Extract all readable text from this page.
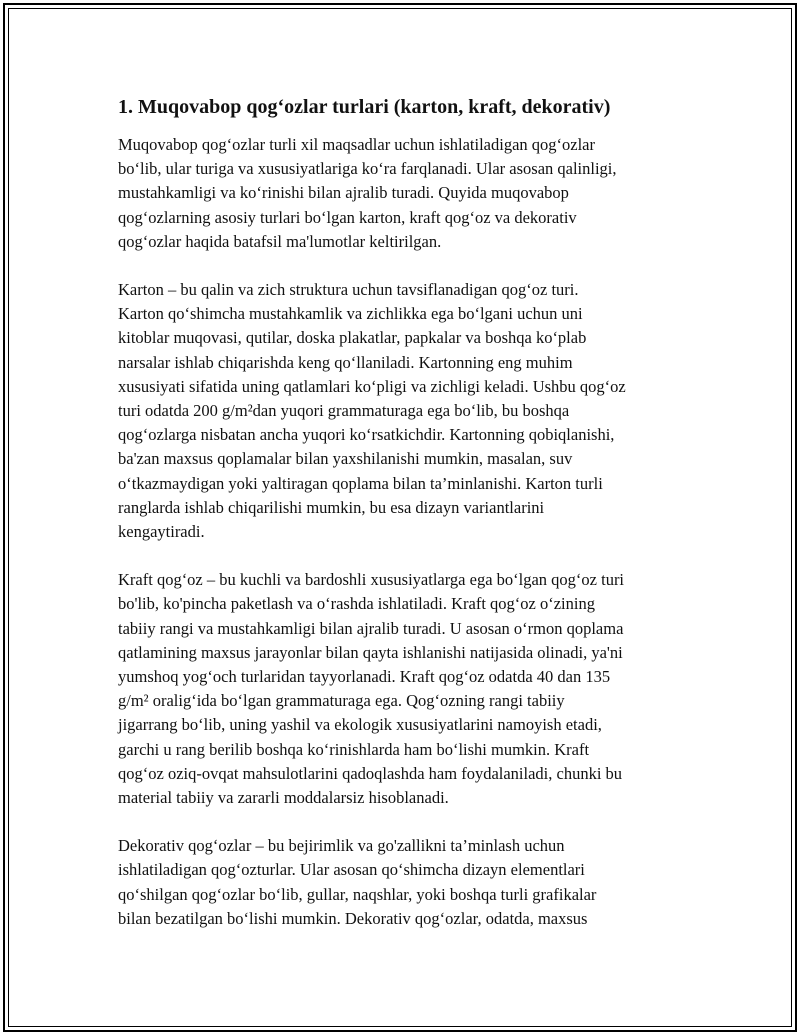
1. Muqovabop qog‘ozlar turlari (karton, kraft, dekorativ)
Muqovabop qog‘ozlar turli xil maqsadlar uchun ishlatiladigan qog‘ozlar
bo‘lib, ular turiga va xususiyatlariga ko‘ra farqlanadi. Ular asosan qalinligi,
mustahkamligi va ko‘rinishi bilan ajralib turadi. Quyida muqovabop
qog‘ozlarning asosiy turlari bo‘lgan karton, kraft qog‘oz va dekorativ
qog‘ozlar haqida batafsil ma'lumotlar keltirilgan.
Karton – bu qalin va zich struktura uchun tavsiflanadigan qog‘oz turi.
Karton qo‘shimcha mustahkamlik va zichlikka ega bo‘lgani uchun uni
kitoblar muqovasi, qutilar, doska plakatlar, papkalar va boshqa ko‘plab
narsalar ishlab chiqarishda keng qo‘llaniladi. Kartonning eng muhim
xususiyati sifatida uning qatlamlari ko‘pligi va zichligi keladi. Ushbu qog‘oz
turi odatda 200 g/m²dan yuqori grammaturaga ega bo‘lib, bu boshqa
qog‘ozlarga nisbatan ancha yuqori ko‘rsatkichdir. Kartonning qobiqlanishi,
ba'zan maxsus qoplamalar bilan yaxshilanishi mumkin, masalan, suv
o‘tkazmaydigan yoki yaltiragan qoplama bilan ta’minlanishi. Karton turli
ranglarda ishlab chiqarilishi mumkin, bu esa dizayn variantlarini
kengaytiradi.
Kraft qog‘oz – bu kuchli va bardoshli xususiyatlarga ega bo‘lgan qog‘oz turi
bo'lib, ko'pincha paketlash va o‘rashda ishlatiladi. Kraft qog‘oz o‘zining
tabiiy rangi va mustahkamligi bilan ajralib turadi. U asosan o‘rmon qoplama
qatlamining maxsus jarayonlar bilan qayta ishlanishi natijasida olinadi, ya'ni
yumshoq yog‘och turlaridan tayyorlanadi. Kraft qog‘oz odatda 40 dan 135
g/m² oralig‘ida bo‘lgan grammaturaga ega. Qog‘ozning rangi tabiiy
jigarrang bo‘lib, uning yashil va ekologik xususiyatlarini namoyish etadi,
garchi u rang berilib boshqa ko‘rinishlarda ham bo‘lishi mumkin. Kraft
qog‘oz oziq-ovqat mahsulotlarini qadoqlashda ham foydalaniladi, chunki bu
material tabiiy va zararli moddalarsiz hisoblanadi.
Dekorativ qog‘ozlar – bu bejirimlik va go'zallikni ta’minlash uchun
ishlatiladigan qog‘ozturlar. Ular asosan qo‘shimcha dizayn elementlari
qo‘shilgan qog‘ozlar bo‘lib, gullar, naqshlar, yoki boshqa turli grafikalar
bilan bezatilgan bo‘lishi mumkin. Dekorativ qog‘ozlar, odatda, maxsus
